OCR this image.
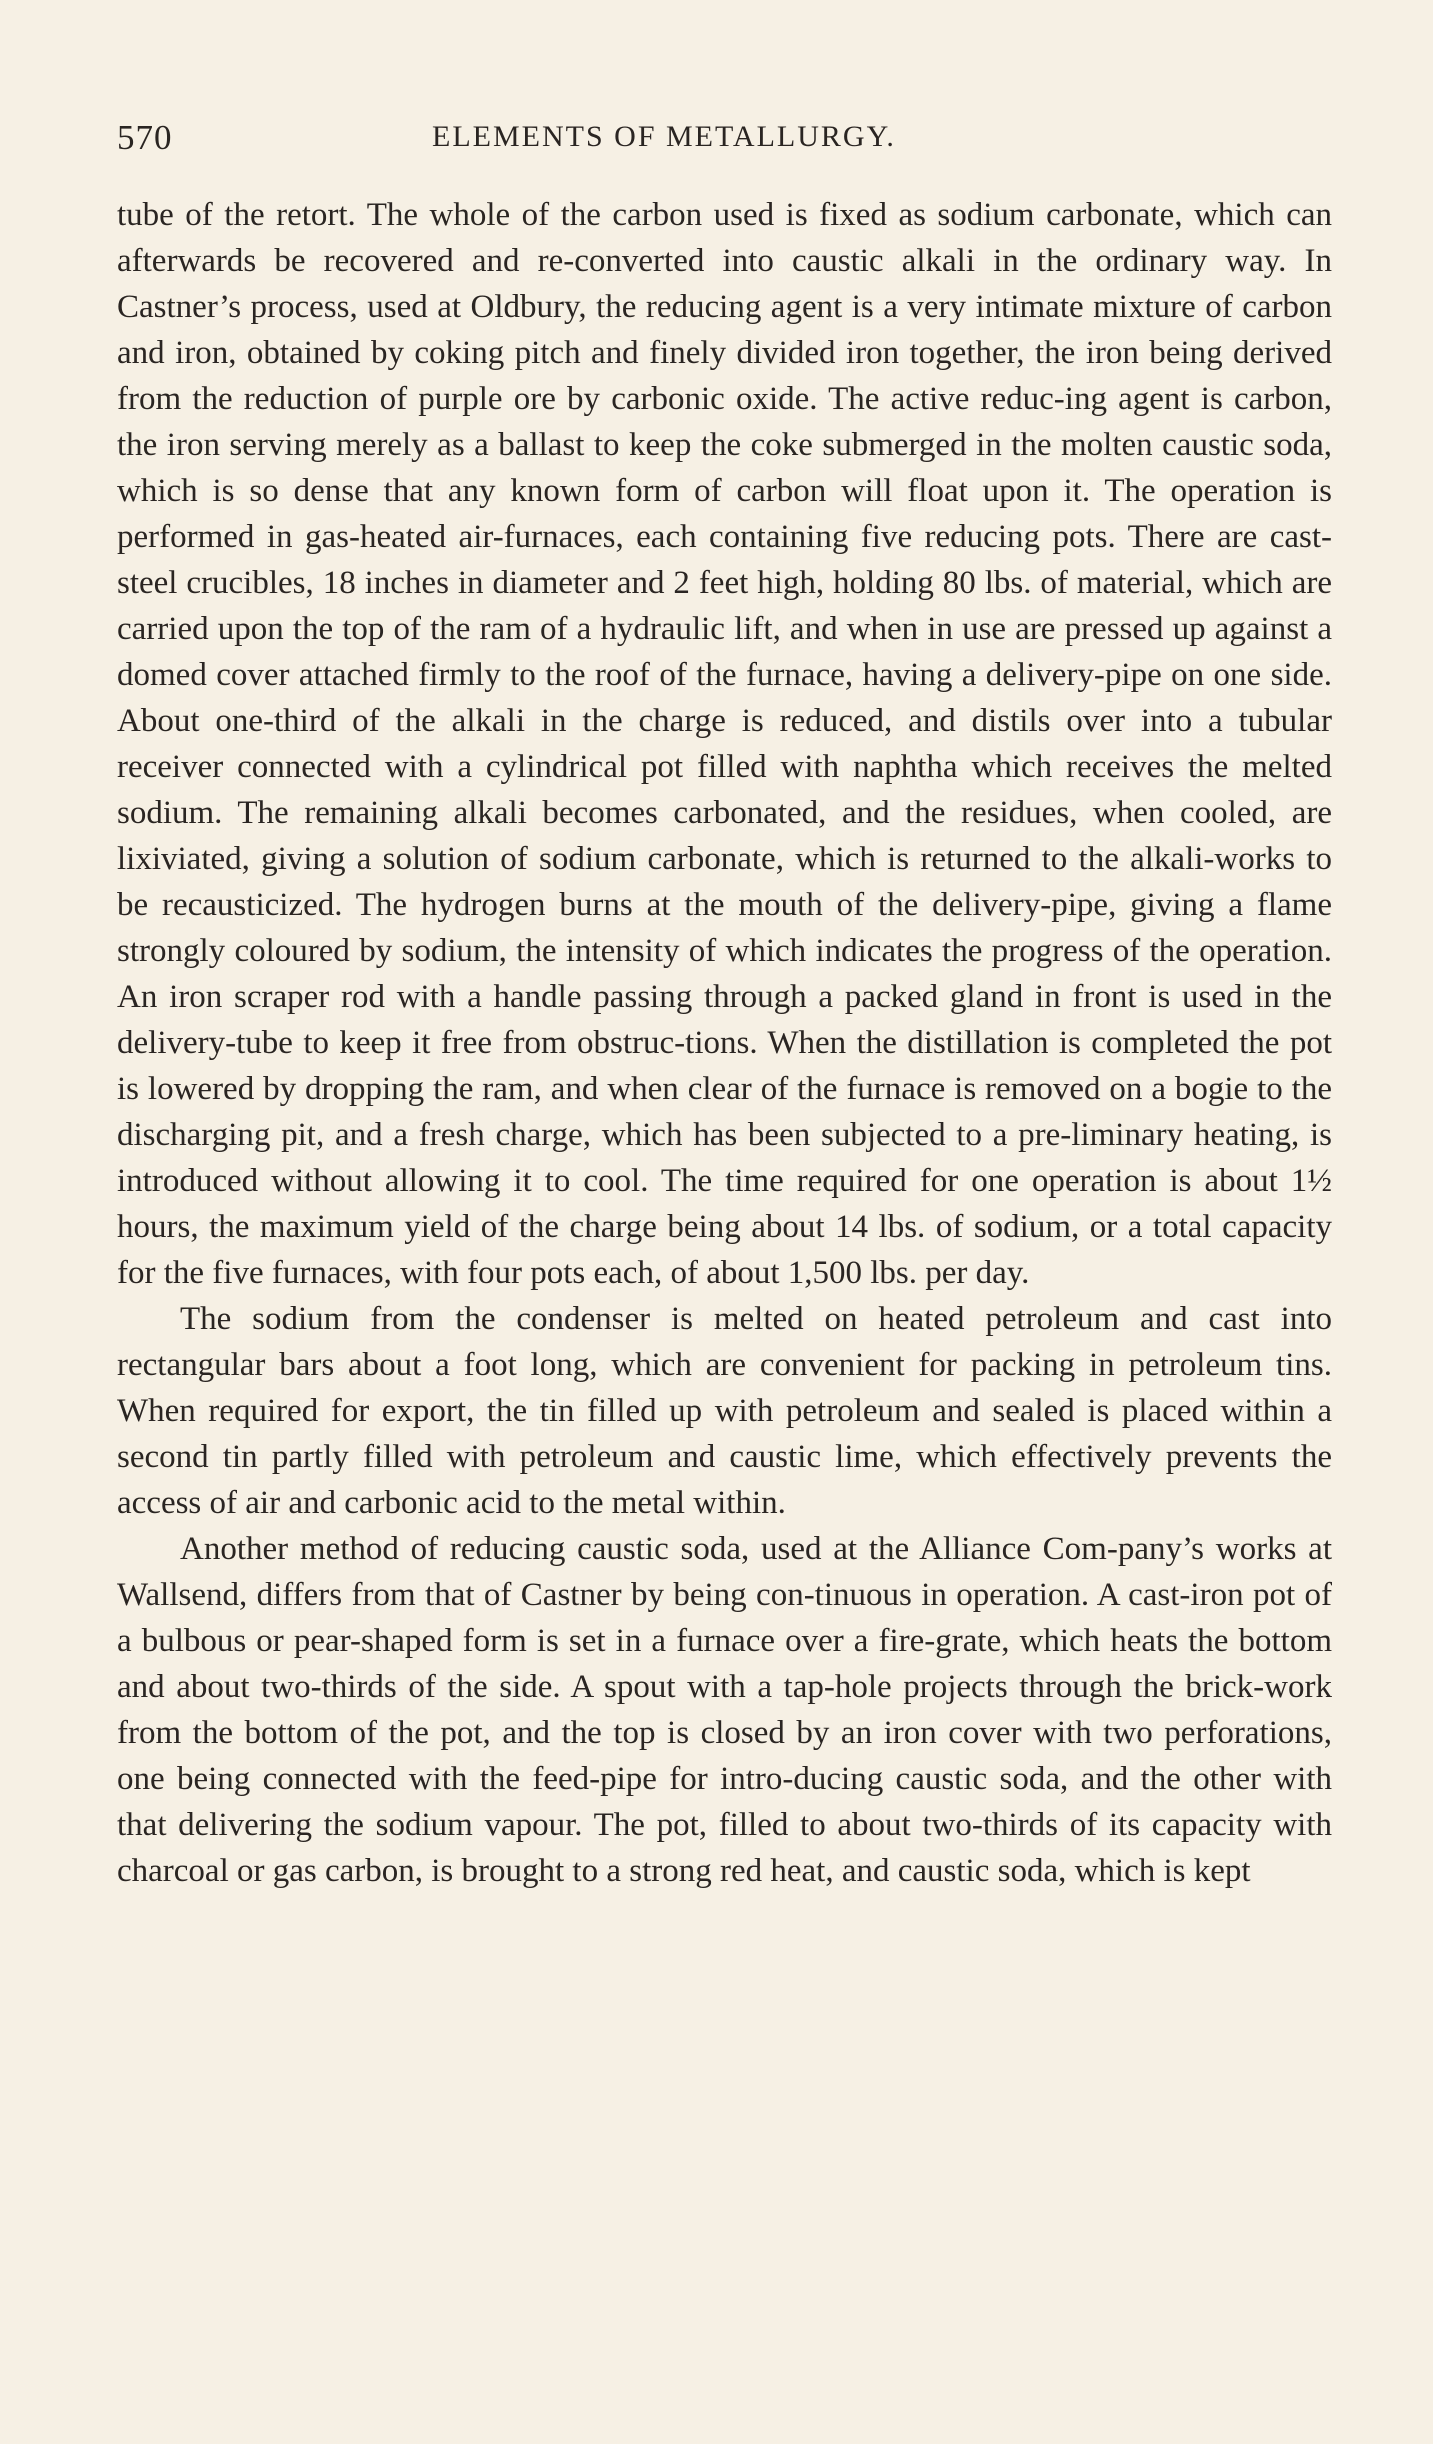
570	ELEMENTS OF METALLURGY.

tube of the retort. The whole of the carbon used is fixed as sodium carbonate, which can afterwards be recovered and re-converted into caustic alkali in the ordinary way. In Castner’s process, used at Oldbury, the reducing agent is a very intimate mixture of carbon and iron, obtained by coking pitch and finely divided iron together, the iron being derived from the reduction of purple ore by carbonic oxide. The active reduc-ing agent is carbon, the iron serving merely as a ballast to keep the coke submerged in the molten caustic soda, which is so dense that any known form of carbon will float upon it. The operation is performed in gas-heated air-furnaces, each containing five reducing pots. There are cast-steel crucibles, 18 inches in diameter and 2 feet high, holding 80 lbs. of material, which are carried upon the top of the ram of a hydraulic lift, and when in use are pressed up against a domed cover attached firmly to the roof of the furnace, having a delivery-pipe on one side. About one-third of the alkali in the charge is reduced, and distils over into a tubular receiver connected with a cylindrical pot filled with naphtha which receives the melted sodium. The remaining alkali becomes carbonated, and the residues, when cooled, are lixiviated, giving a solution of sodium carbonate, which is returned to the alkali-works to be recausticized. The hydrogen burns at the mouth of the delivery-pipe, giving a flame strongly coloured by sodium, the intensity of which indicates the progress of the operation. An iron scraper rod with a handle passing through a packed gland in front is used in the delivery-tube to keep it free from obstruc-tions. When the distillation is completed the pot is lowered by dropping the ram, and when clear of the furnace is removed on a bogie to the discharging pit, and a fresh charge, which has been subjected to a pre-liminary heating, is introduced without allowing it to cool. The time required for one operation is about 1½ hours, the maximum yield of the charge being about 14 lbs. of sodium, or a total capacity for the five furnaces, with four pots each, of about 1,500 lbs. per day.

The sodium from the condenser is melted on heated petroleum and cast into rectangular bars about a foot long, which are convenient for packing in petroleum tins. When required for export, the tin filled up with petroleum and sealed is placed within a second tin partly filled with petroleum and caustic lime, which effectively prevents the access of air and carbonic acid to the metal within.

Another method of reducing caustic soda, used at the Alliance Com-pany’s works at Wallsend, differs from that of Castner by being con-tinuous in operation. A cast-iron pot of a bulbous or pear-shaped form is set in a furnace over a fire-grate, which heats the bottom and about two-thirds of the side. A spout with a tap-hole projects through the brick-work from the bottom of the pot, and the top is closed by an iron cover with two perforations, one being connected with the feed-pipe for intro-ducing caustic soda, and the other with that delivering the sodium vapour. The pot, filled to about two-thirds of its capacity with charcoal or gas carbon, is brought to a strong red heat, and caustic soda, which is kept
